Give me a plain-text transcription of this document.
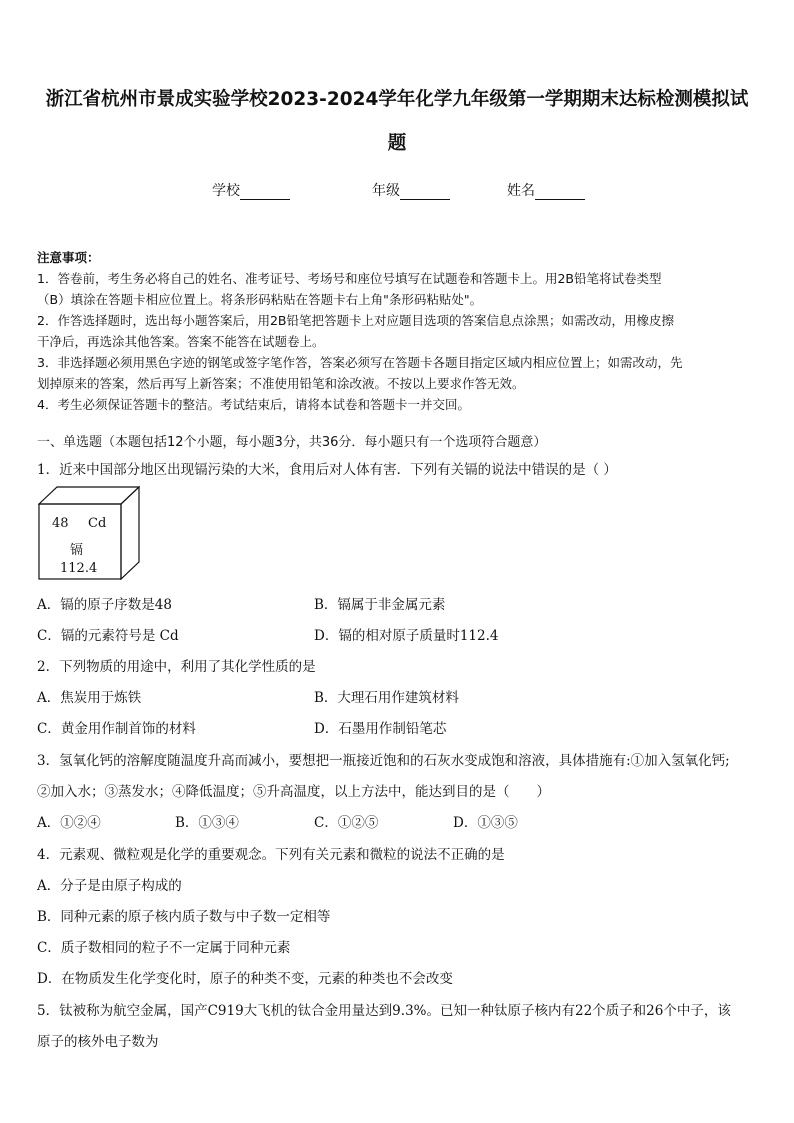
浙江省杭州市景成实验学校2023-2024学年化学九年级第一学期期末达标检测模拟试
题
学校	年级	姓名

注意事项：

1．答卷前，考生务必将自己的姓名、准考证号、考场号和座位号填写在试题卷和答题卡上。用2B铅笔将试卷类型

（B）填涂在答题卡相应位置上。将条形码粘贴在答题卡右上角"条形码粘贴处"。

2．作答选择题时，选出每小题答案后，用2B铅笔把答题卡上对应题目选项的答案信息点涂黑；如需改动，用橡皮擦

干净后，再选涂其他答案。答案不能答在试题卷上。

3．非选择题必须用黑色字迹的钢笔或签字笔作答，答案必须写在答题卡各题目指定区域内相应位置上；如需改动，先

划掉原来的答案，然后再写上新答案；不准使用铅笔和涂改液。不按以上要求作答无效。

4．考生必须保证答题卡的整洁。考试结束后，请将本试卷和答题卡一并交回。

一、单选题（本题包括12个小题，每小题3分，共36分．每小题只有一个选项符合题意）
1．近来中国部分地区出现镉污染的大米，食用后对人体有害．下列有关镉的说法中错误的是（ ）
48 Cd
镉
112.4
A．镉的原子序数是48	B．镉属于非金属元素
C．镉的元素符号是 Cd	D．镉的相对原子质量时112.4
2．下列物质的用途中，利用了其化学性质的是
A．焦炭用于炼铁	B．大理石用作建筑材料
C．黄金用作制首饰的材料	D．石墨用作制铅笔芯
3．氢氧化钙的溶解度随温度升高而减小，要想把一瓶接近饱和的石灰水变成饱和溶液，具体措施有:①加入氢氧化钙;
②加入水；③蒸发水；④降低温度；⑤升高温度，以上方法中，能达到目的是（　　）
A．①②④	B．①③④	C．①②⑤	D．①③⑤
4．元素观、微粒观是化学的重要观念。下列有关元素和微粒的说法不正确的是
A．分子是由原子构成的
B．同种元素的原子核内质子数与中子数一定相等
C．质子数相同的粒子不一定属于同种元素
D．在物质发生化学变化时，原子的种类不变，元素的种类也不会改变
5．钛被称为航空金属，国产C919大飞机的钛合金用量达到9.3%。已知一种钛原子核内有22个质子和26个中子，该
原子的核外电子数为
